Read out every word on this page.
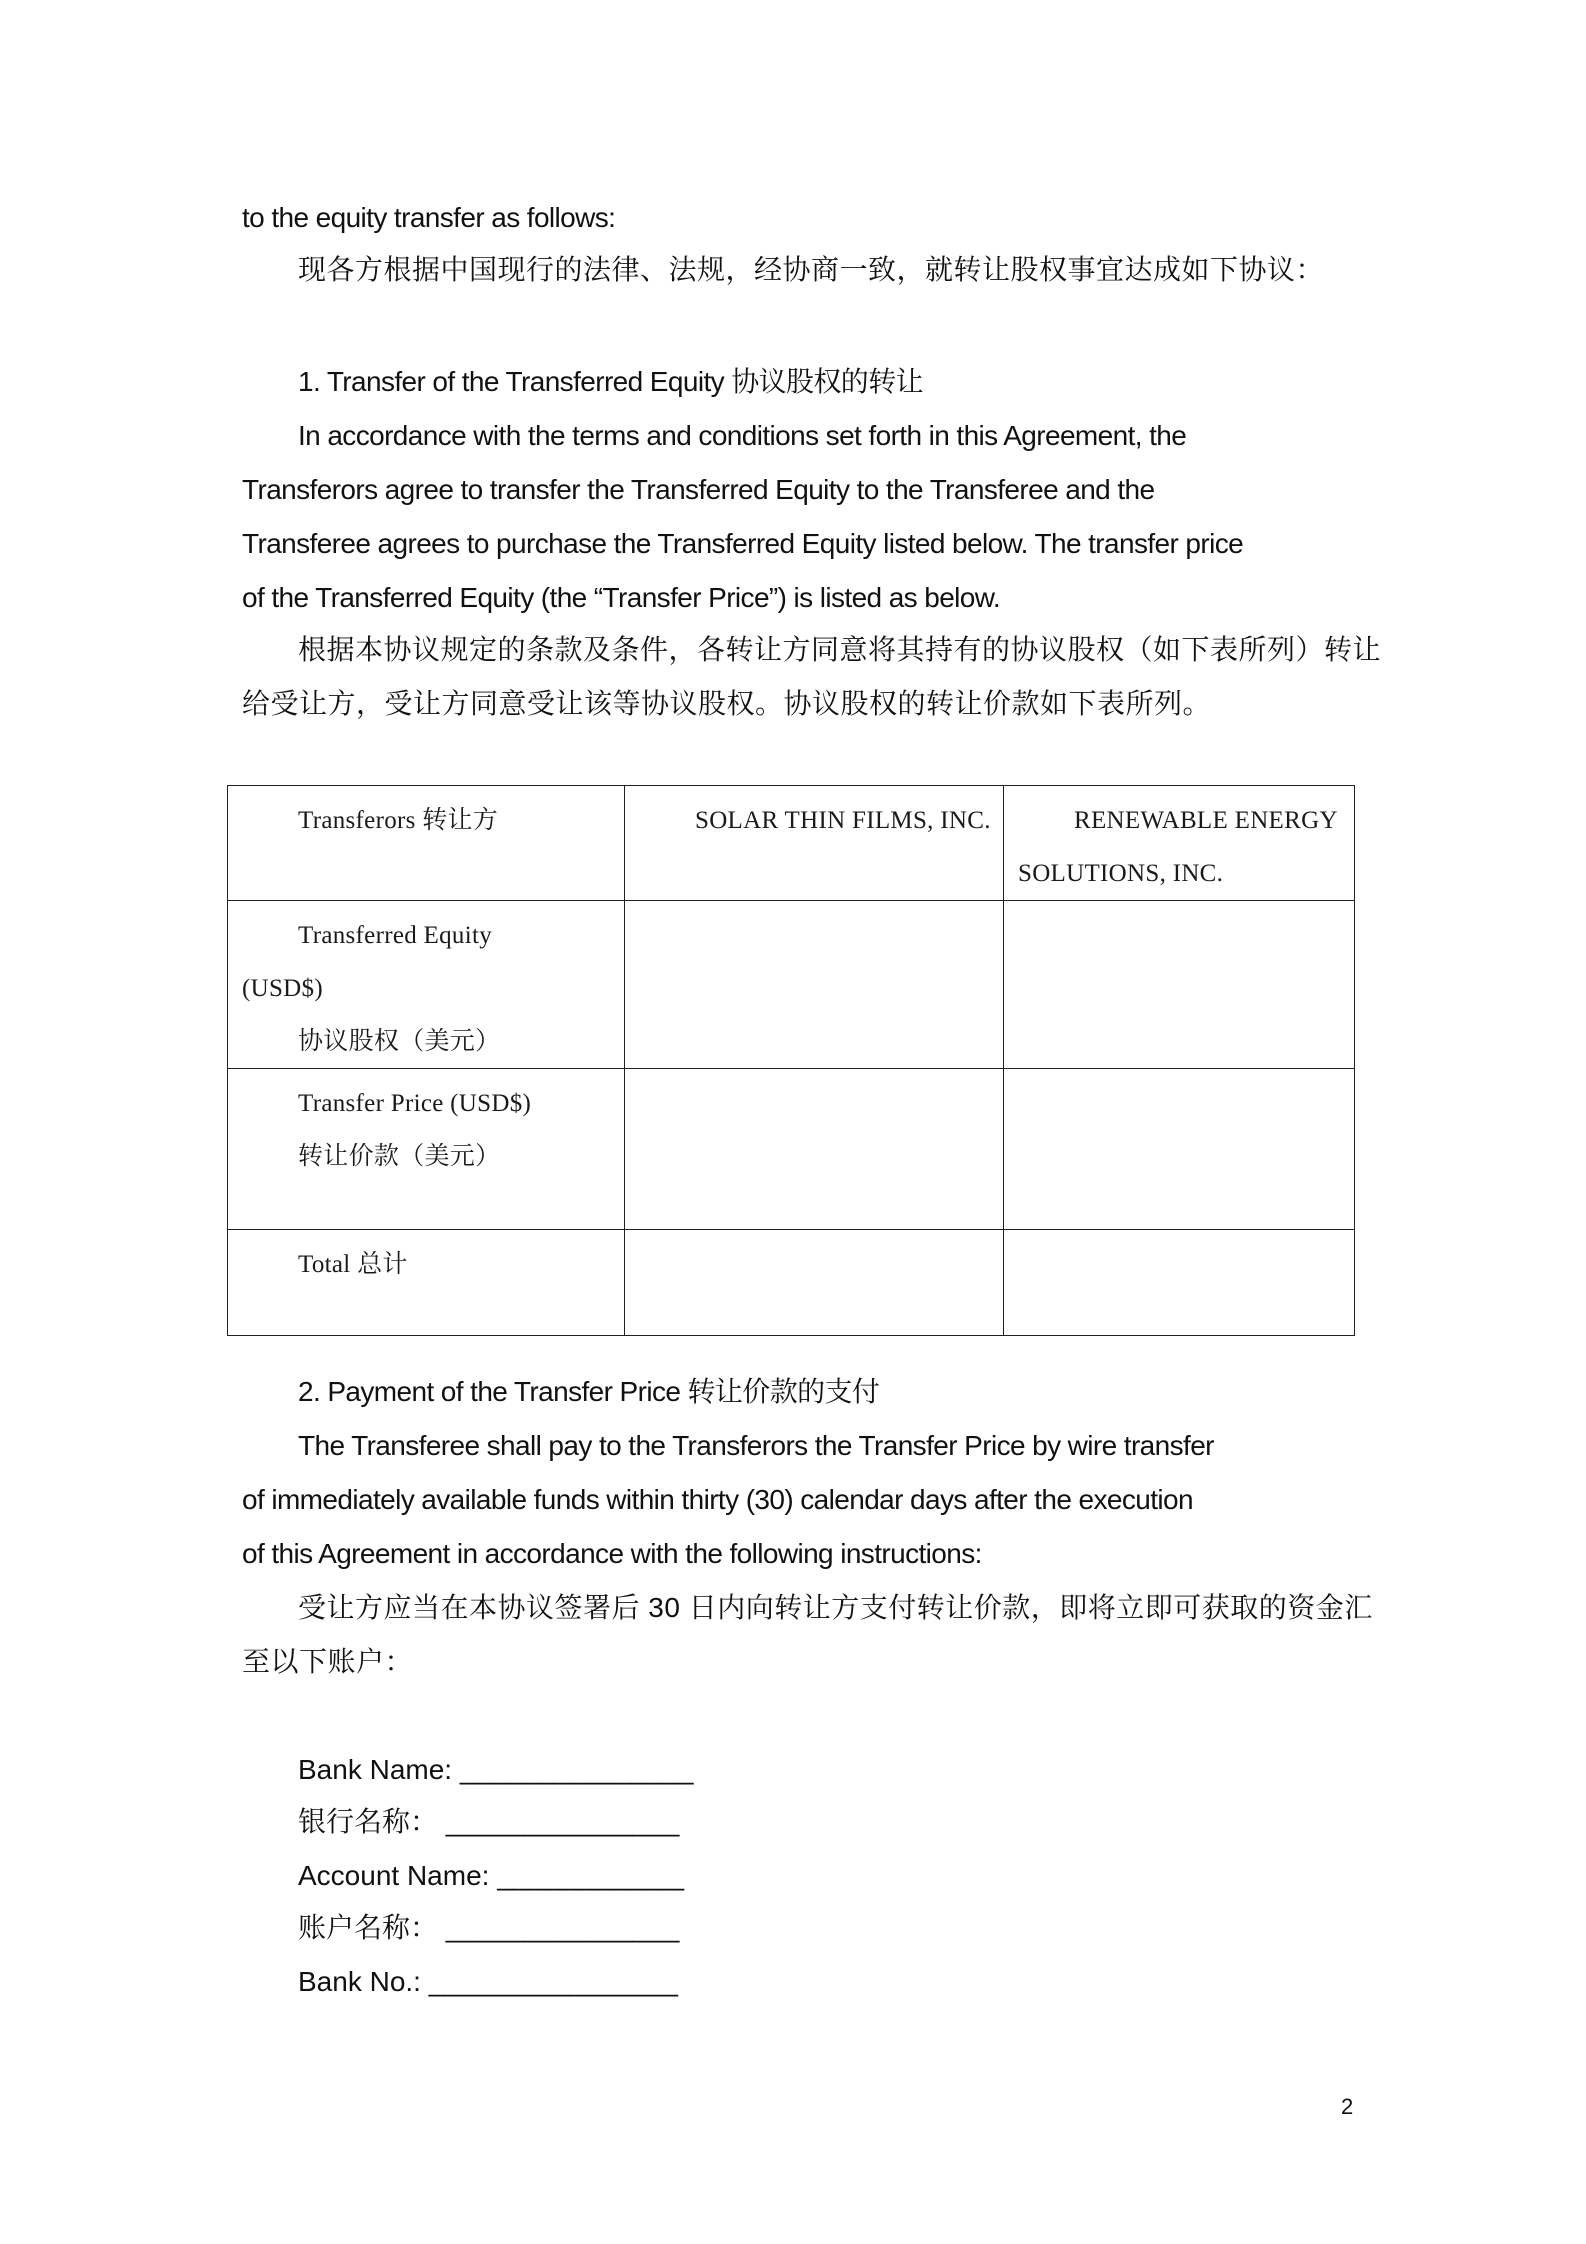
to the equity transfer as follows:
现各方根据中国现行的法律、法规，经协商一致，就转让股权事宜达成如下协议：
1. Transfer of the Transferred Equity 协议股权的转让
In accordance with the terms and conditions set forth in this Agreement, the
Transferors agree to transfer the Transferred Equity to the Transferee and the
Transferee agrees to purchase the Transferred Equity listed below. The transfer price
of the Transferred Equity (the “Transfer Price”) is listed as below.
根据本协议规定的条款及条件，各转让方同意将其持有的协议股权（如下表所列）转让
给受让方，受让方同意受让该等协议股权。协议股权的转让价款如下表所列。
Transferors 转让方	SOLAR THIN FILMS, INC.	RENEWABLE ENERGY
SOLUTIONS, INC.

Transferred Equity
(USD$)
协议股权（美元）		

Transfer Price (USD$)
转让价款（美元）		

Total 总计		

2. Payment of the Transfer Price 转让价款的支付
The Transferee shall pay to the Transferors the Transfer Price by wire transfer
of immediately available funds within thirty (30) calendar days after the execution
of this Agreement in accordance with the following instructions:
受让方应当在本协议签署后 30 日内向转让方支付转让价款，即将立即可获取的资金汇
至以下账户：
Bank Name: _______________
银行名称： _______________
Account Name: ____________
账户名称： _______________
Bank No.: ________________
2
